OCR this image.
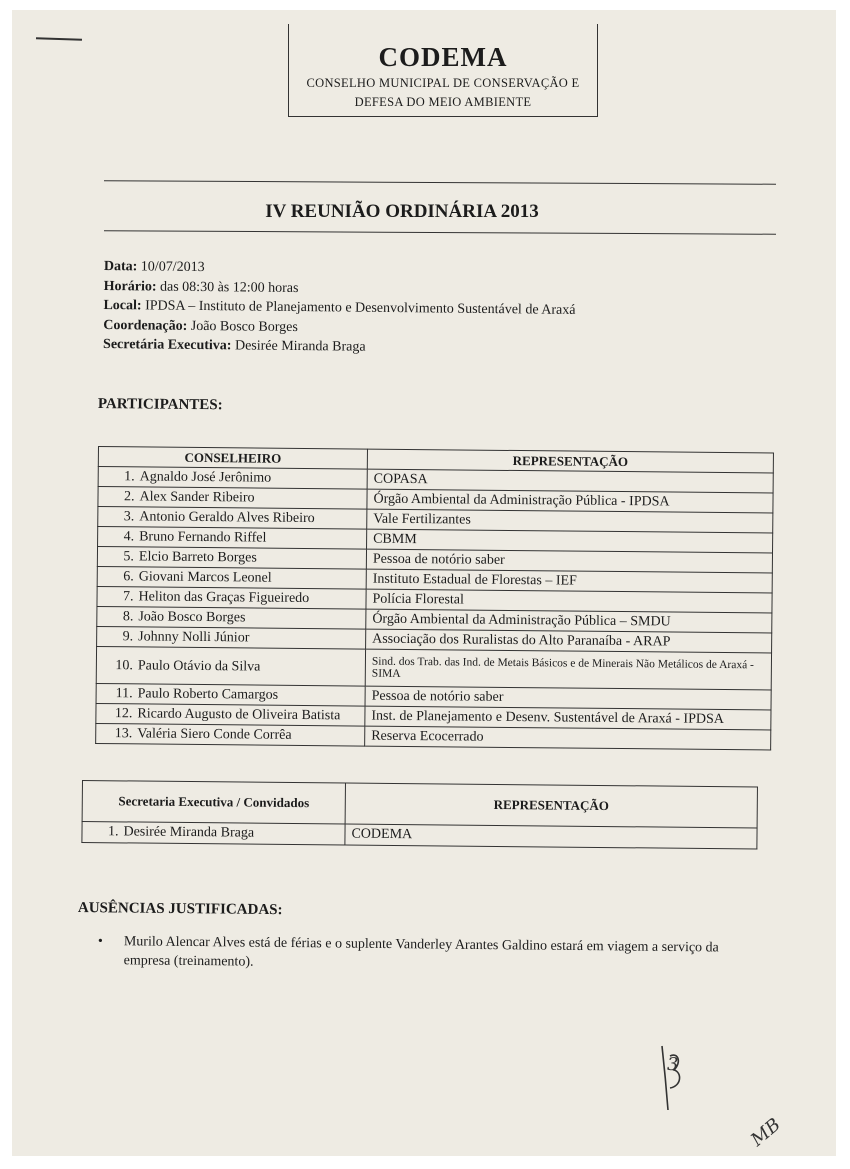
CODEMA
CONSELHO MUNICIPAL DE CONSERVAÇÃO E
DEFESA DO MEIO AMBIENTE
IV REUNIÃO ORDINÁRIA 2013
Data: 10/07/2013
Horário: das 08:30 às 12:00 horas
Local: IPDSA – Instituto de Planejamento e Desenvolvimento Sustentável de Araxá
Coordenação: João Bosco Borges
Secretária Executiva: Desirée Miranda Braga
PARTICIPANTES:
CONSELHEIRO	REPRESENTAÇÃO
1. Agnaldo José Jerônimo	COPASA
2. Alex Sander Ribeiro	Órgão Ambiental da Administração Pública - IPDSA
3. Antonio Geraldo Alves Ribeiro	Vale Fertilizantes
4. Bruno Fernando Riffel	CBMM
5. Elcio Barreto Borges	Pessoa de notório saber
6. Giovani Marcos Leonel	Instituto Estadual de Florestas – IEF
7. Heliton das Graças Figueiredo	Polícia Florestal
8. João Bosco Borges	Órgão Ambiental da Administração Pública – SMDU
9. Johnny Nolli Júnior	Associação dos Ruralistas do Alto Paranaíba - ARAP
10. Paulo Otávio da Silva	Sind. dos Trab. das Ind. de Metais Básicos e de Minerais Não Metálicos de Araxá - SIMA
11. Paulo Roberto Camargos	Pessoa de notório saber
12. Ricardo Augusto de Oliveira Batista	Inst. de Planejamento e Desenv. Sustentável de Araxá - IPDSA
13. Valéria Siero Conde Corrêa	Reserva Ecocerrado
Secretaria Executiva / Convidados	REPRESENTAÇÃO
1. Desirée Miranda Braga	CODEMA
AUSÊNCIAS JUSTIFICADAS:
• Murilo Alencar Alves está de férias e o suplente Vanderley Arantes Galdino estará em viagem a serviço da empresa (treinamento).
3
MB
